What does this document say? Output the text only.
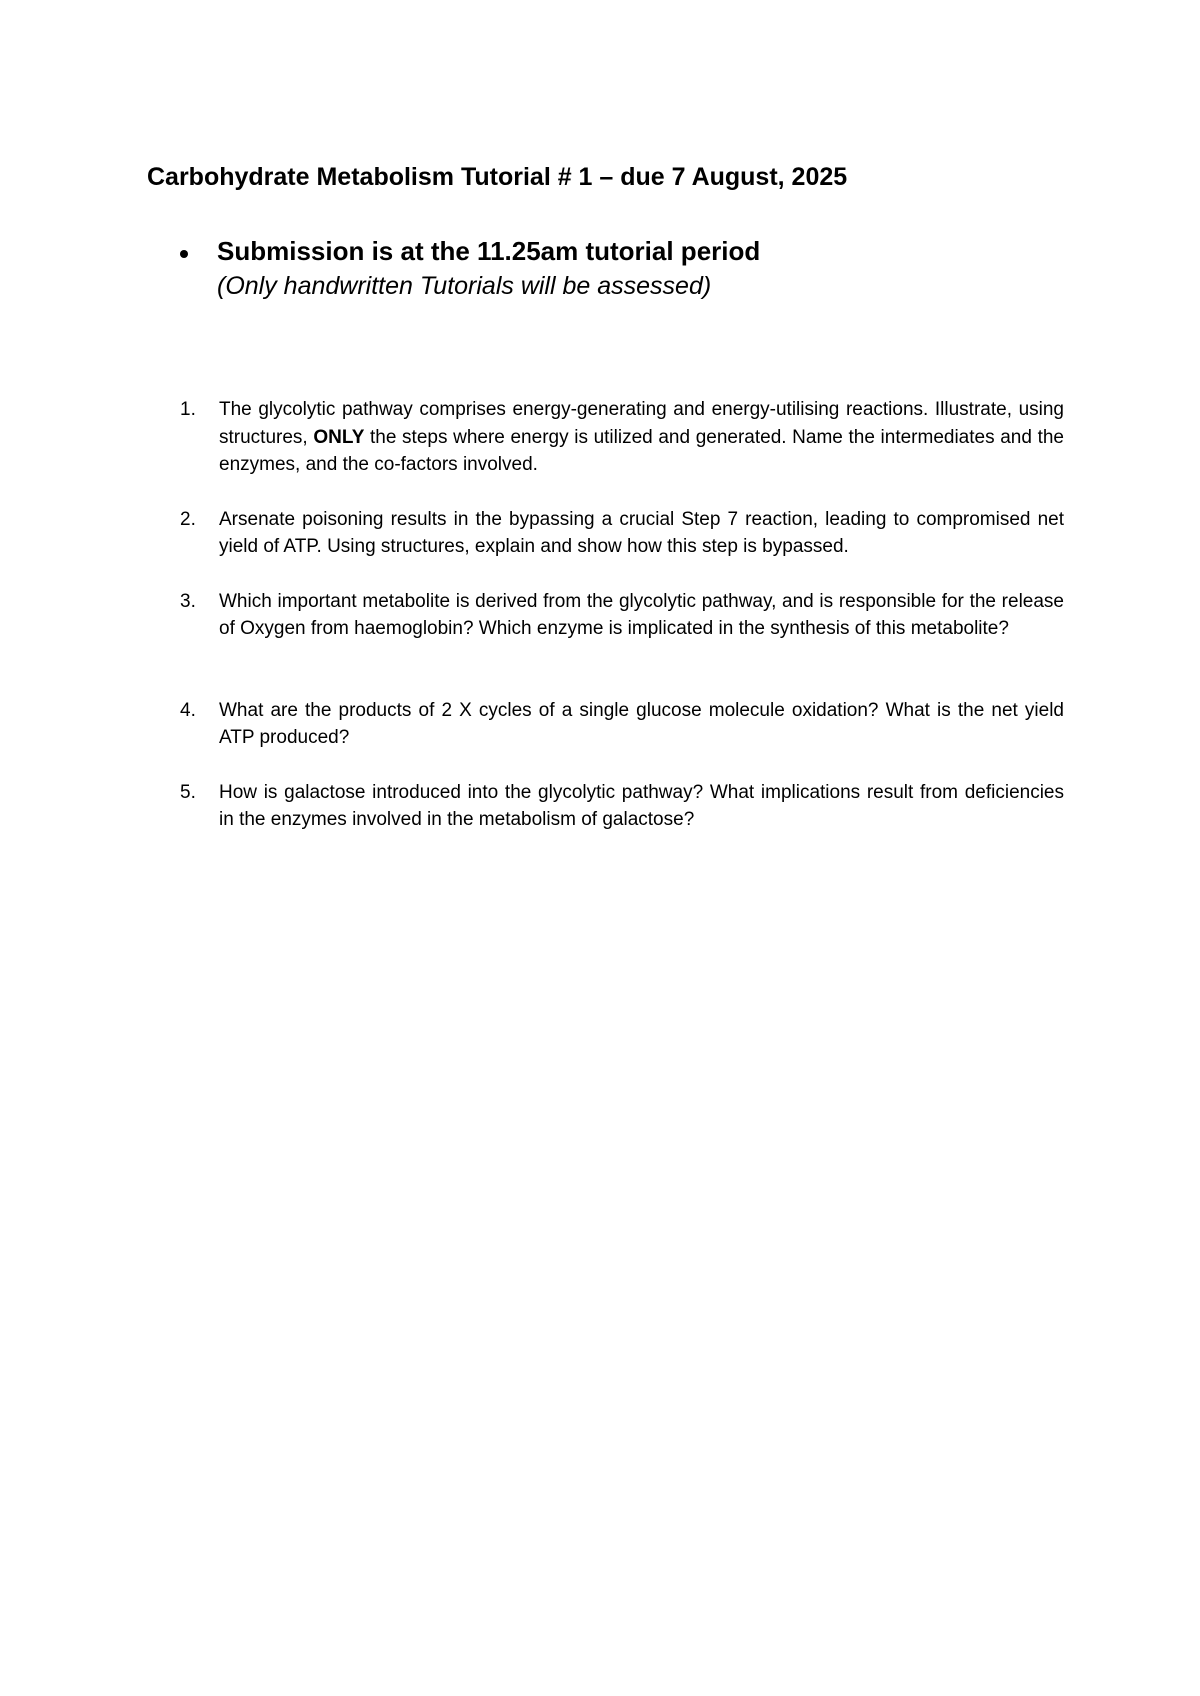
Carbohydrate Metabolism Tutorial # 1 – due 7 August, 2025

Submission is at the 11.25am tutorial period

(Only handwritten Tutorials will be assessed)

1. The glycolytic pathway comprises energy-generating and energy-utilising reactions. Illustrate, using structures, ONLY the steps where energy is utilized and generated. Name the intermediates and the enzymes, and the co-factors involved.
2. Arsenate poisoning results in the bypassing a crucial Step 7 reaction, leading to compromised net yield of ATP. Using structures, explain and show how this step is bypassed.
3. Which important metabolite is derived from the glycolytic pathway, and is responsible for the release of Oxygen from haemoglobin? Which enzyme is implicated in the synthesis of this metabolite?
4. What are the products of 2 X cycles of a single glucose molecule oxidation? What is the net yield ATP produced?
5. How is galactose introduced into the glycolytic pathway? What implications result from deficiencies in the enzymes involved in the metabolism of galactose?
